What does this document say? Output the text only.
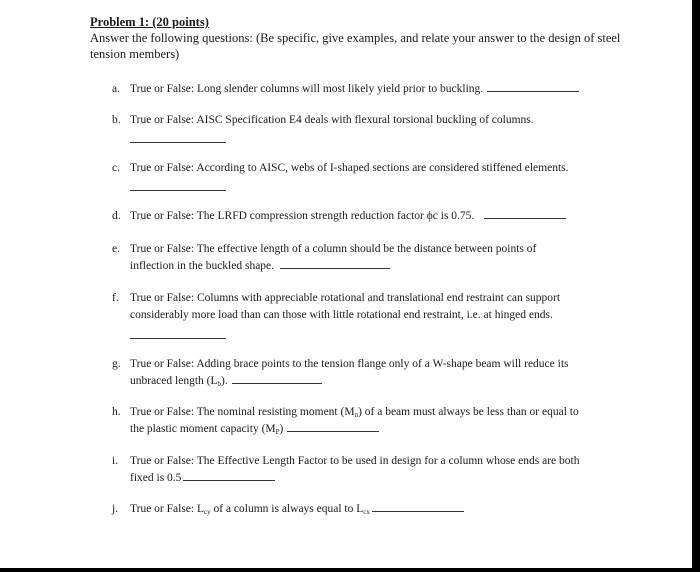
Problem 1: (20 points)
Answer the following questions: (Be specific, give examples, and relate your answer to the design of steel tension members)
a. True or False: Long slender columns will most likely yield prior to buckling.
b. True or False: AISC Specification E4 deals with flexural torsional buckling of columns.
c. True or False: According to AISC, webs of I-shaped sections are considered stiffened elements.
d. True or False: The LRFD compression strength reduction factor ϕc is 0.75.
e. True or False: The effective length of a column should be the distance between points of
inflection in the buckled shape.
f. True or False: Columns with appreciable rotational and translational end restraint can support
considerably more load than can those with little rotational end restraint, i.e. at hinged ends.
g. True or False: Adding brace points to the tension flange only of a W-shape beam will reduce its
unbraced length $(L_b)$.
h. True or False: The nominal resisting moment $(M_n)$ of a beam must always be less than or equal to
the plastic moment capacity $(M_P)$
i.	True or False: The Effective Length Factor to be used in design for a column whose ends are both
fixed is 0.5
j.	True or False: $L_{cy}$ of a column is always equal to $L_{cx}$
